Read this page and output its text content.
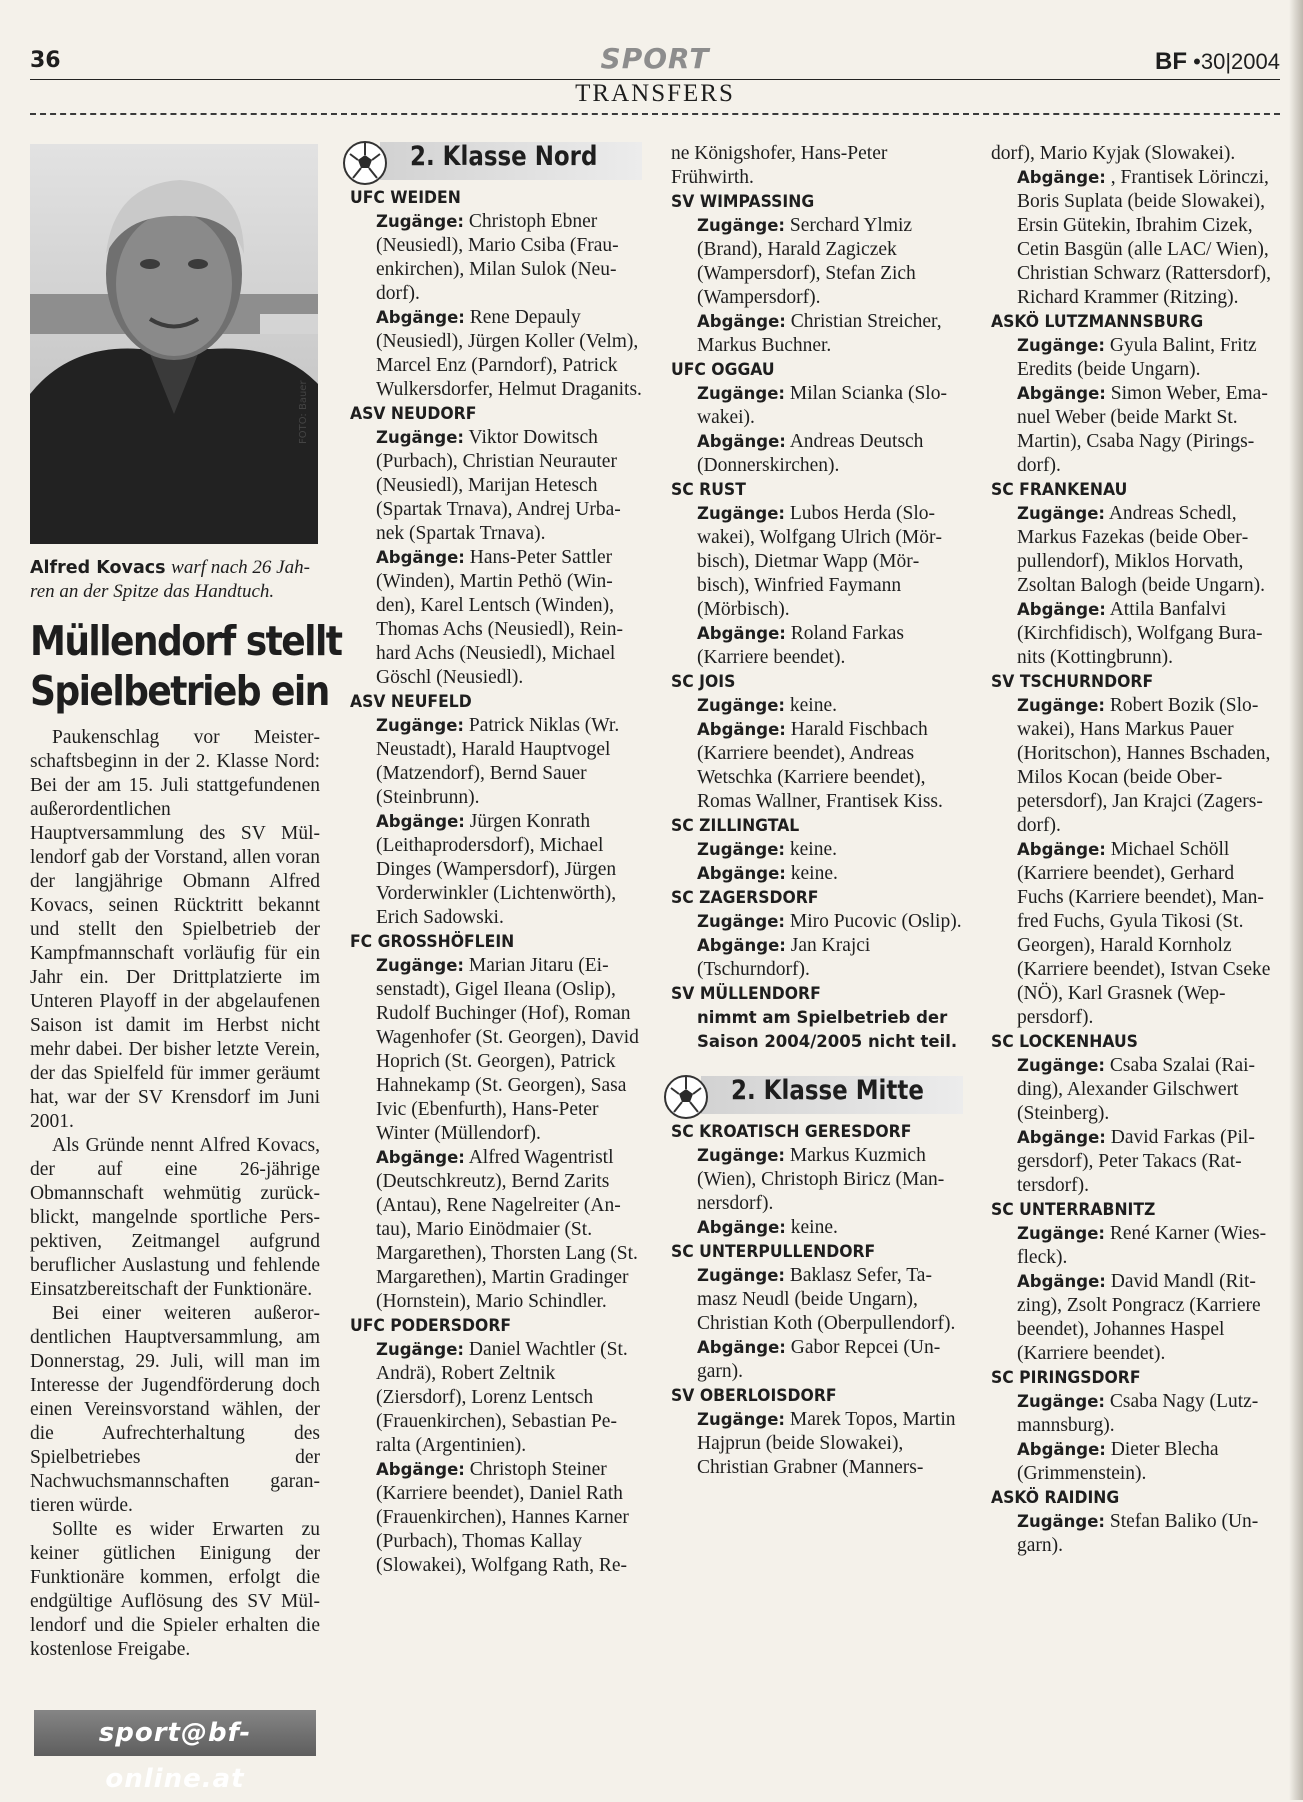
36	SPORT	BF •30|2004
TRANSFERS
FOTO: Bauer
Alfred Kovacs warf nach 26 Jahren an der Spitze das Handtuch.
Müllendorf stellt
Spielbetrieb ein

Paukenschlag vor Meisterschaftsbeginn in der 2. Klasse Nord: Bei der am 15. Juli stattgefundenen außerordentlichen Hauptversammlung des SV Müllendorf gab der Vorstand, allen voran der langjährige Obmann Alfred Kovacs, seinen Rücktritt bekannt und stellt den Spielbetrieb der Kampfmannschaft vorläufig für ein Jahr ein. Der Drittplatzierte im Unteren Playoff in der abgelaufenen Saison ist damit im Herbst nicht mehr dabei. Der bisher letzte Verein, der das Spielfeld für immer geräumt hat, war der SV Krensdorf im Juni 2001.

Als Gründe nennt Alfred Kovacs, der auf eine 26-jährige Obmannschaft wehmütig zurückblickt, mangelnde sportliche Perspektiven, Zeitmangel aufgrund beruflicher Auslastung und fehlende Einsatzbereitschaft der Funktionäre.

Bei einer weiteren außerordentlichen Hauptversammlung, am Donnerstag, 29. Juli, will man im Interesse der Jugendförderung doch einen Vereinsvorstand wählen, der die Aufrechterhaltung des Spielbetriebes der Nachwuchsmannschaften garantieren würde.

Sollte es wider Erwarten zu keiner gütlichen Einigung der Funktionäre kommen, erfolgt die endgültige Auflösung des SV Müllendorf und die Spieler erhalten die kostenlose Freigabe.

sport@bf-online.at
2. Klasse Nord

UFC WEIDEN

Zugänge: Christoph Ebner (Neusiedl), Mario Csiba (Frauenkirchen), Milan Sulok (Neudorf).

Abgänge: Rene Depauly (Neusiedl), Jürgen Koller (Velm), Marcel Enz (Parndorf), Patrick Wulkersdorfer, Helmut Draganits.

ASV NEUDORF

Zugänge: Viktor Dowitsch (Purbach), Christian Neurauter (Neusiedl), Marijan Hetesch (Spartak Trnava), Andrej Urbanek (Spartak Trnava).

Abgänge: Hans-Peter Sattler (Winden), Martin Pethö (Winden), Karel Lentsch (Winden), Thomas Achs (Neusiedl), Reinhard Achs (Neusiedl), Michael Göschl (Neusiedl).

ASV NEUFELD

Zugänge: Patrick Niklas (Wr. Neustadt), Harald Hauptvogel (Matzendorf), Bernd Sauer (Steinbrunn).

Abgänge: Jürgen Konrath (Leithaprodersdorf), Michael Dinges (Wampersdorf), Jürgen Vorderwinkler (Lichtenwörth), Erich Sadowski.

FC GROSSHÖFLEIN

Zugänge: Marian Jitaru (Eisenstadt), Gigel Ileana (Oslip), Rudolf Buchinger (Hof), Roman Wagenhofer (St. Georgen), David Hoprich (St. Georgen), Patrick Hahnekamp (St. Georgen), Sasa Ivic (Ebenfurth), Hans-Peter Winter (Müllendorf).

Abgänge: Alfred Wagentristl (Deutschkreutz), Bernd Zarits (Antau), Rene Nagelreiter (Antau), Mario Einödmaier (St. Margarethen), Thorsten Lang (St. Margarethen), Martin Gradinger (Hornstein), Mario Schindler.

UFC PODERSDORF

Zugänge: Daniel Wachtler (St. Andrä), Robert Zeltnik (Ziersdorf), Lorenz Lentsch (Frauenkirchen), Sebastian Peralta (Argentinien).

Abgänge: Christoph Steiner (Karriere beendet), Daniel Rath (Frauenkirchen), Hannes Karner (Purbach), Thomas Kallay (Slowakei), Wolfgang Rath, Re-

ne Königshofer, Hans-Peter Frühwirth.

SV WIMPASSING

Zugänge: Serchard Ylmiz (Brand), Harald Zagiczek (Wampersdorf), Stefan Zich (Wampersdorf).

Abgänge: Christian Streicher, Markus Buchner.

UFC OGGAU

Zugänge: Milan Scianka (Slowakei).

Abgänge: Andreas Deutsch (Donnerskirchen).

SC RUST

Zugänge: Lubos Herda (Slowakei), Wolfgang Ulrich (Mörbisch), Dietmar Wapp (Mörbisch), Winfried Faymann (Mörbisch).

Abgänge: Roland Farkas (Karriere beendet).

SC JOIS

Zugänge: keine.

Abgänge: Harald Fischbach (Karriere beendet), Andreas Wetschka (Karriere beendet), Romas Wallner, Frantisek Kiss.

SC ZILLINGTAL

Zugänge: keine.

Abgänge: keine.

SC ZAGERSDORF

Zugänge: Miro Pucovic (Oslip).

Abgänge: Jan Krajci (Tschurndorf).

SV MÜLLENDORF

nimmt am Spielbetrieb der Saison 2004/2005 nicht teil.
2. Klasse Mitte

SC KROATISCH GERESDORF

Zugänge: Markus Kuzmich (Wien), Christoph Biricz (Mannersdorf).

Abgänge: keine.

SC UNTERPULLENDORF

Zugänge: Baklasz Sefer, Tamasz Neudl (beide Ungarn), Christian Koth (Oberpullendorf).

Abgänge: Gabor Repcei (Ungarn).

SV OBERLOISDORF

Zugänge: Marek Topos, Martin Hajprun (beide Slowakei), Christian Grabner (Manners-

dorf), Mario Kyjak (Slowakei).

Abgänge: , Frantisek Lörinczi, Boris Suplata (beide Slowakei), Ersin Gütekin, Ibrahim Cizek, Cetin Basgün (alle LAC/ Wien), Christian Schwarz (Rattersdorf), Richard Krammer (Ritzing).

ASKÖ LUTZMANNSBURG

Zugänge: Gyula Balint, Fritz Eredits (beide Ungarn).

Abgänge: Simon Weber, Emanuel Weber (beide Markt St. Martin), Csaba Nagy (Piringsdorf).

SC FRANKENAU

Zugänge: Andreas Schedl, Markus Fazekas (beide Oberpullendorf), Miklos Horvath, Zsoltan Balogh (beide Ungarn).

Abgänge: Attila Banfalvi (Kirchfidisch), Wolfgang Buranits (Kottingbrunn).

SV TSCHURNDORF

Zugänge: Robert Bozik (Slowakei), Hans Markus Pauer (Horitschon), Hannes Bschaden, Milos Kocan (beide Oberpetersdorf), Jan Krajci (Zagersdorf).

Abgänge: Michael Schöll (Karriere beendet), Gerhard Fuchs (Karriere beendet), Manfred Fuchs, Gyula Tikosi (St. Georgen), Harald Kornholz (Karriere beendet), Istvan Cseke (NÖ), Karl Grasnek (Weppersdorf).

SC LOCKENHAUS

Zugänge: Csaba Szalai (Raiding), Alexander Gilschwert (Steinberg).

Abgänge: David Farkas (Pilgersdorf), Peter Takacs (Rattersdorf).

SC UNTERRABNITZ

Zugänge: René Karner (Wiesfleck).

Abgänge: David Mandl (Ritzing), Zsolt Pongracz (Karriere beendet), Johannes Haspel (Karriere beendet).

SC PIRINGSDORF

Zugänge: Csaba Nagy (Lutzmannsburg).

Abgänge: Dieter Blecha (Grimmenstein).

ASKÖ RAIDING

Zugänge: Stefan Baliko (Ungarn).
